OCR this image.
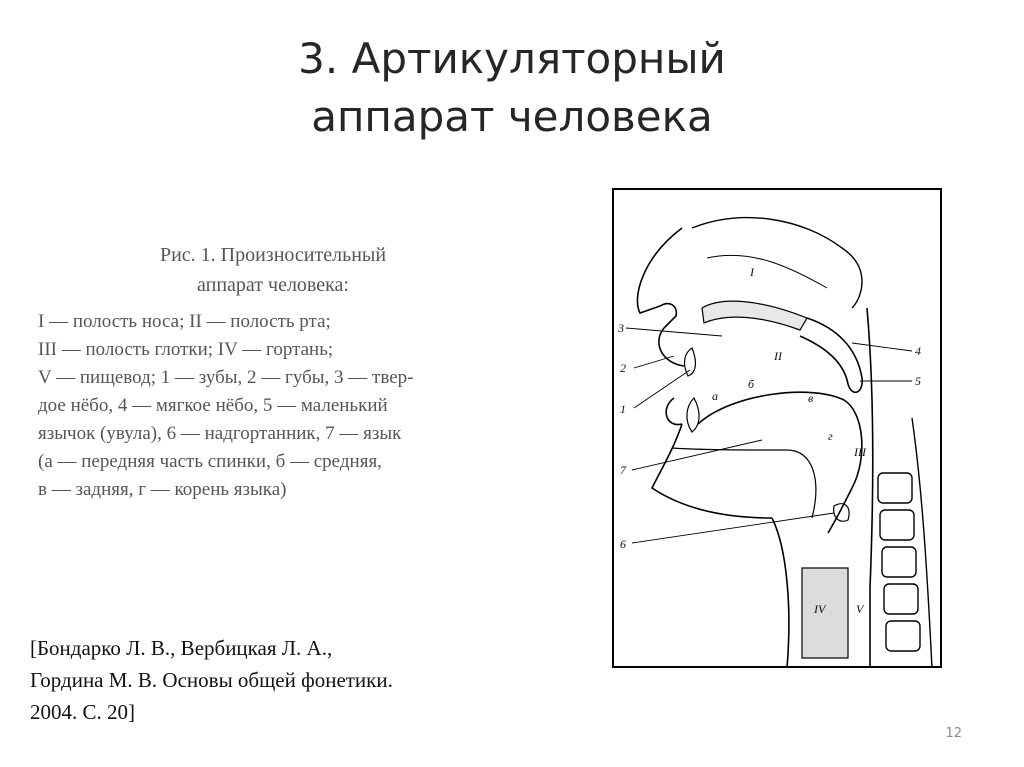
3. Артикуляторный
аппарат человека
Рис. 1. Произносительный
аппарат человека:
I — полость носа; II — полость рта;
III — полость глотки; IV — гортань;
V — пищевод; 1 — зубы, 2 — губы, 3 — твер-
дое нёбо, 4 — мягкое нёбо, 5 — маленький
язычок (увула), 6 — надгортанник, 7 — язык
(а — передняя часть спинки, б — средняя,
в — задняя, г — корень языка)
I
II
III
IV	V
1
2
3
4
5
6
7
а
б
в
г
[Бондарко Л. В., Вербицкая Л. А.,
Гордина М. В. Основы общей фонетики.
2004. С. 20]
12
